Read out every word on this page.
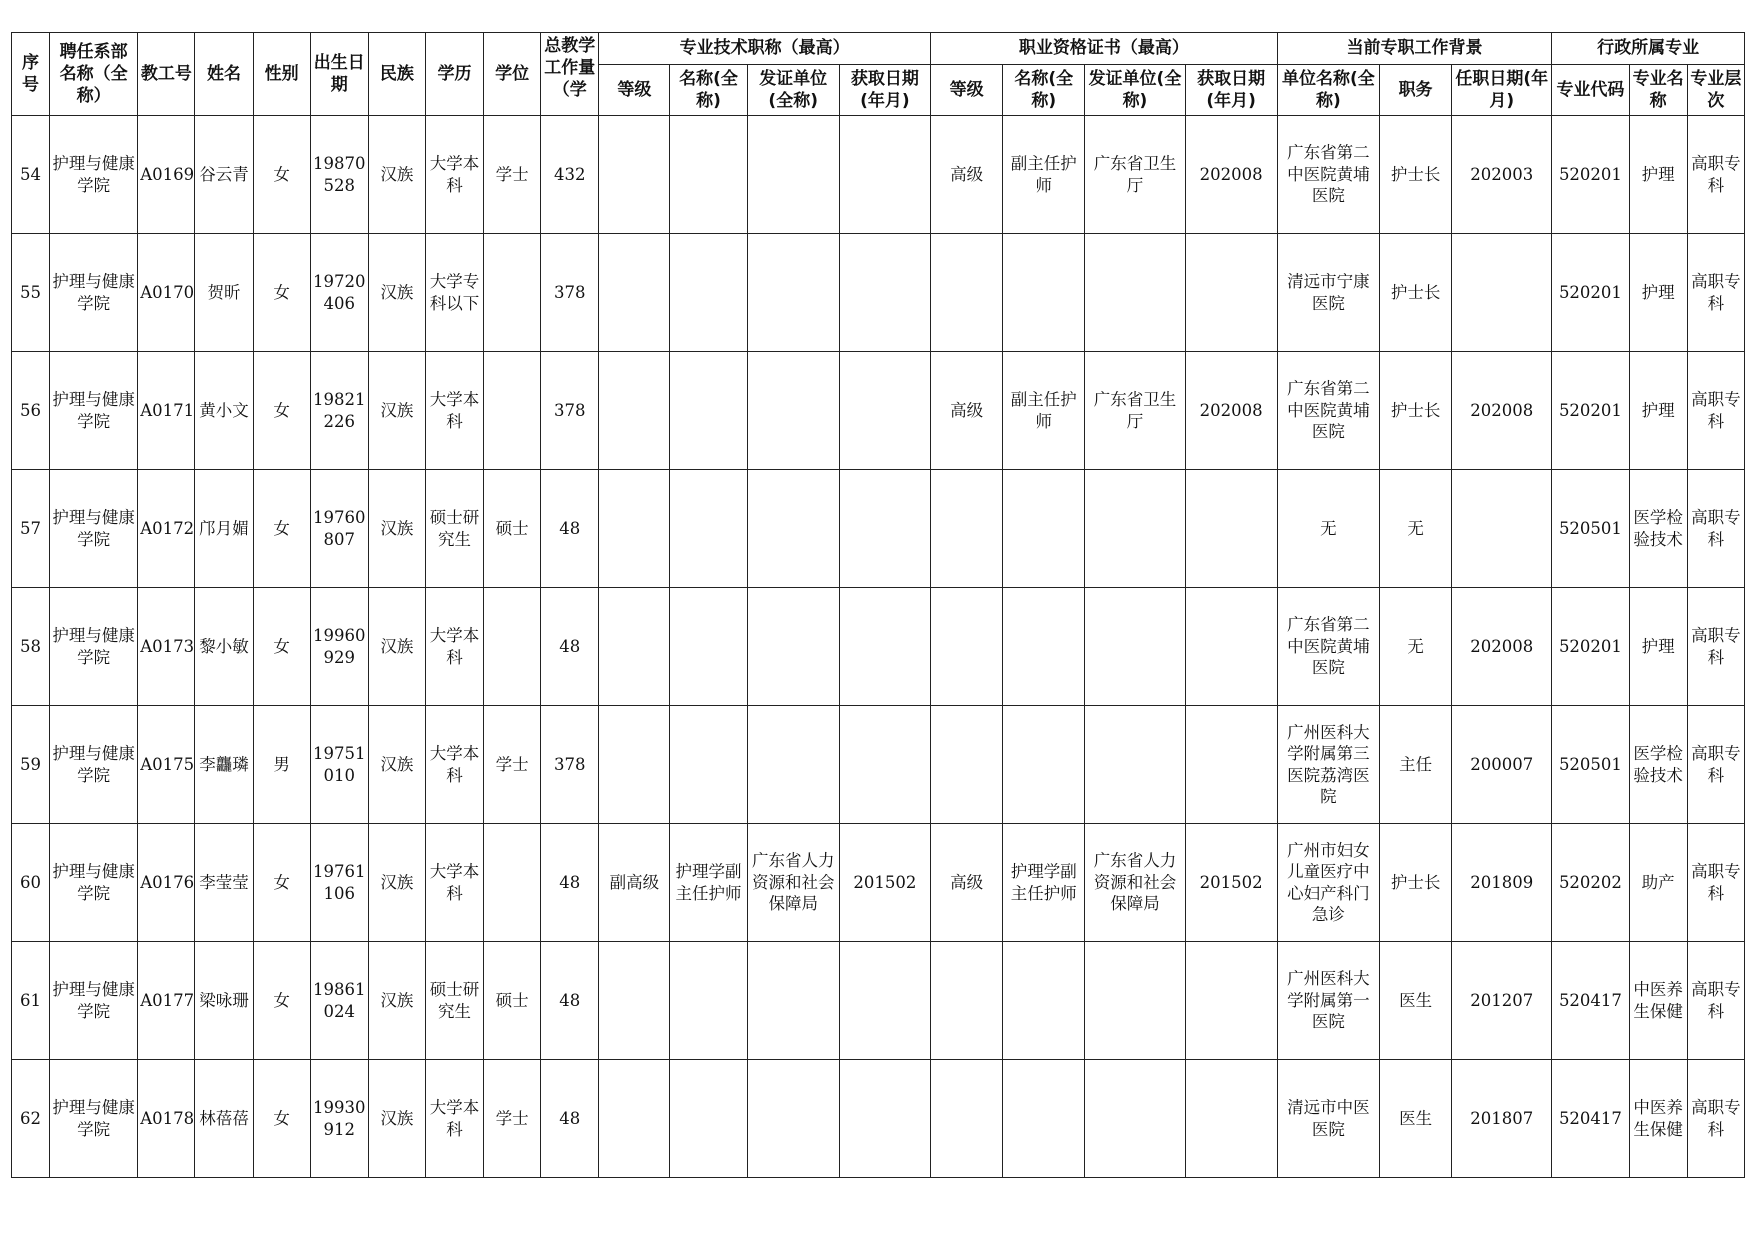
序号	聘任系部名称（全称）	教工号	姓名	性别	出生日期	民族	学历	学位	总教学工作量（学	专业技术职称（最高）				职业资格证书（最高）				当前专职工作背景			行政所属专业		
										等级	名称(全称)	发证单位(全称)	获取日期(年月)	等级	名称(全称)	发证单位(全称)	获取日期(年月)	单位名称(全称)	职务	任职日期(年月)	专业代码	专业名称	专业层次
54	护理与健康学院	A0169	谷云青	女	19870528	汉族	大学本科	学士	432					高级	副主任护师	广东省卫生厅	202008	广东省第二中医院黄埔医院	护士长	202003	520201	护理	高职专科
55	护理与健康学院	A0170	贺昕	女	19720406	汉族	大学专科以下		378									清远市宁康医院	护士长		520201	护理	高职专科
56	护理与健康学院	A0171	黄小文	女	19821226	汉族	大学本科		378					高级	副主任护师	广东省卫生厅	202008	广东省第二中医院黄埔医院	护士长	202008	520201	护理	高职专科
57	护理与健康学院	A0172	邝月媚	女	19760807	汉族	硕士研究生	硕士	48									无	无		520501	医学检验技术	高职专科
58	护理与健康学院	A0173	黎小敏	女	19960929	汉族	大学本科		48									广东省第二中医院黄埔医院	无	202008	520201	护理	高职专科
59	护理与健康学院	A0175	李龘璘	男	19751010	汉族	大学本科	学士	378									广州医科大学附属第三医院荔湾医院	主任	200007	520501	医学检验技术	高职专科
60	护理与健康学院	A0176	李莹莹	女	19761106	汉族	大学本科		48	副高级	护理学副主任护师	广东省人力资源和社会保障局	201502	高级	护理学副主任护师	广东省人力资源和社会保障局	201502	广州市妇女儿童医疗中心妇产科门急诊	护士长	201809	520202	助产	高职专科
61	护理与健康学院	A0177	梁咏珊	女	19861024	汉族	硕士研究生	硕士	48									广州医科大学附属第一医院	医生	201207	520417	中医养生保健	高职专科
62	护理与健康学院	A0178	林蓓蓓	女	19930912	汉族	大学本科	学士	48									清远市中医医院	医生	201807	520417	中医养生保健	高职专科
